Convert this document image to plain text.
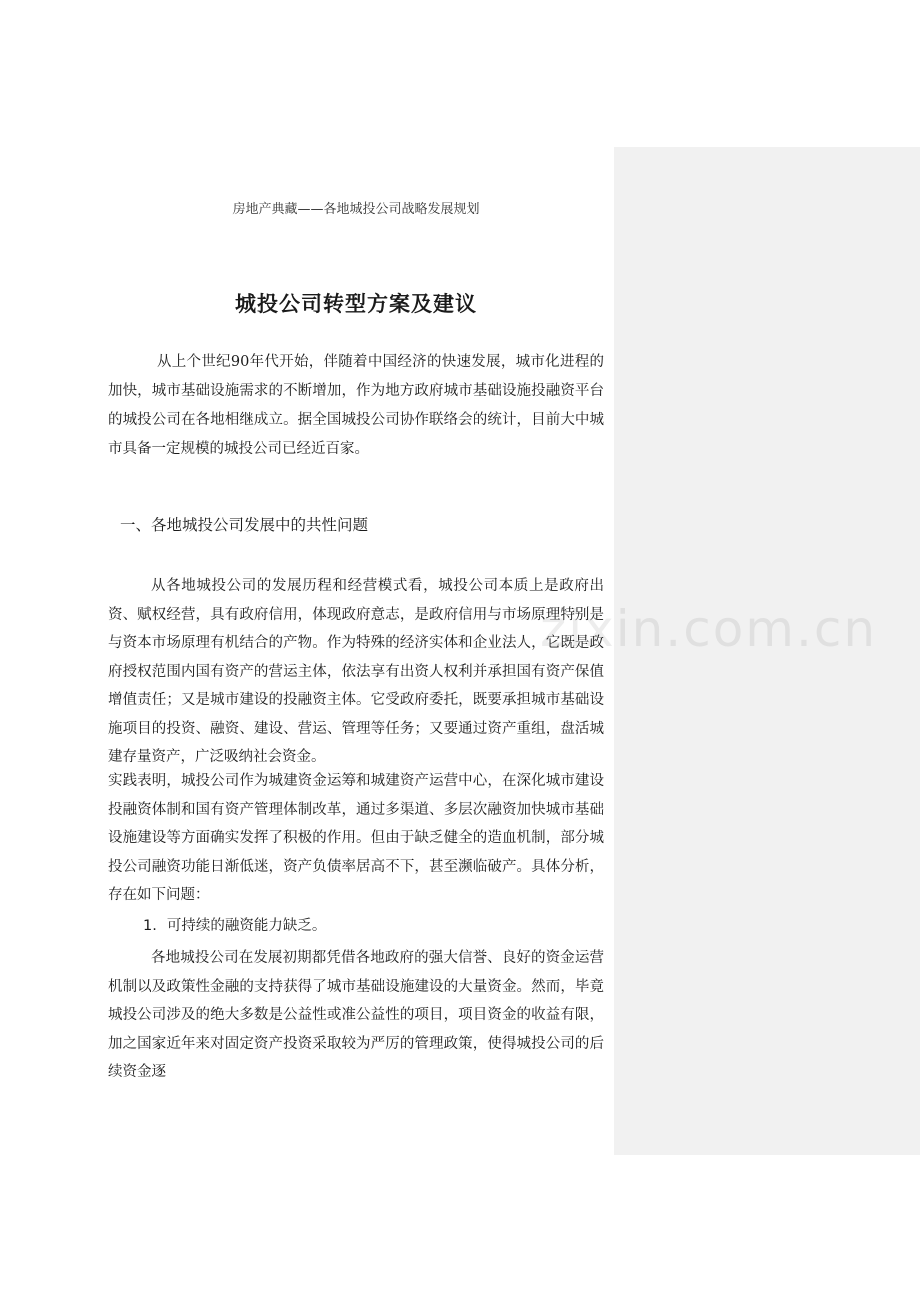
zixin.com.cn
房地产典藏——各地城投公司战略发展规划
城投公司转型方案及建议

从上个世纪90年代开始，伴随着中国经济的快速发展，城市化进程的加快，城市基础设施需求的不断增加，作为地方政府城市基础设施投融资平台的城投公司在各地相继成立。据全国城投公司协作联络会的统计，目前大中城市具备一定规模的城投公司已经近百家。

一、各地城投公司发展中的共性问题

从各地城投公司的发展历程和经营模式看，城投公司本质上是政府出资、赋权经营，具有政府信用，体现政府意志，是政府信用与市场原理特别是与资本市场原理有机结合的产物。作为特殊的经济实体和企业法人，它既是政府授权范围内国有资产的营运主体，依法享有出资人权利并承担国有资产保值增值责任；又是城市建设的投融资主体。它受政府委托，既要承担城市基础设施项目的投资、融资、建设、营运、管理等任务；又要通过资产重组，盘活城建存量资产，广泛吸纳社会资金。

实践表明，城投公司作为城建资金运筹和城建资产运营中心，在深化城市建设投融资体制和国有资产管理体制改革，通过多渠道、多层次融资加快城市基础设施建设等方面确实发挥了积极的作用。但由于缺乏健全的造血机制，部分城投公司融资功能日渐低迷，资产负债率居高不下，甚至濒临破产。具体分析，存在如下问题：

1. 可持续的融资能力缺乏。

各地城投公司在发展初期都凭借各地政府的强大信誉、良好的资金运营机制以及政策性金融的支持获得了城市基础设施建设的大量资金。然而，毕竟城投公司涉及的绝大多数是公益性或准公益性的项目，项目资金的收益有限，加之国家近年来对固定资产投资采取较为严厉的管理政策，使得城投公司的后续资金逐
